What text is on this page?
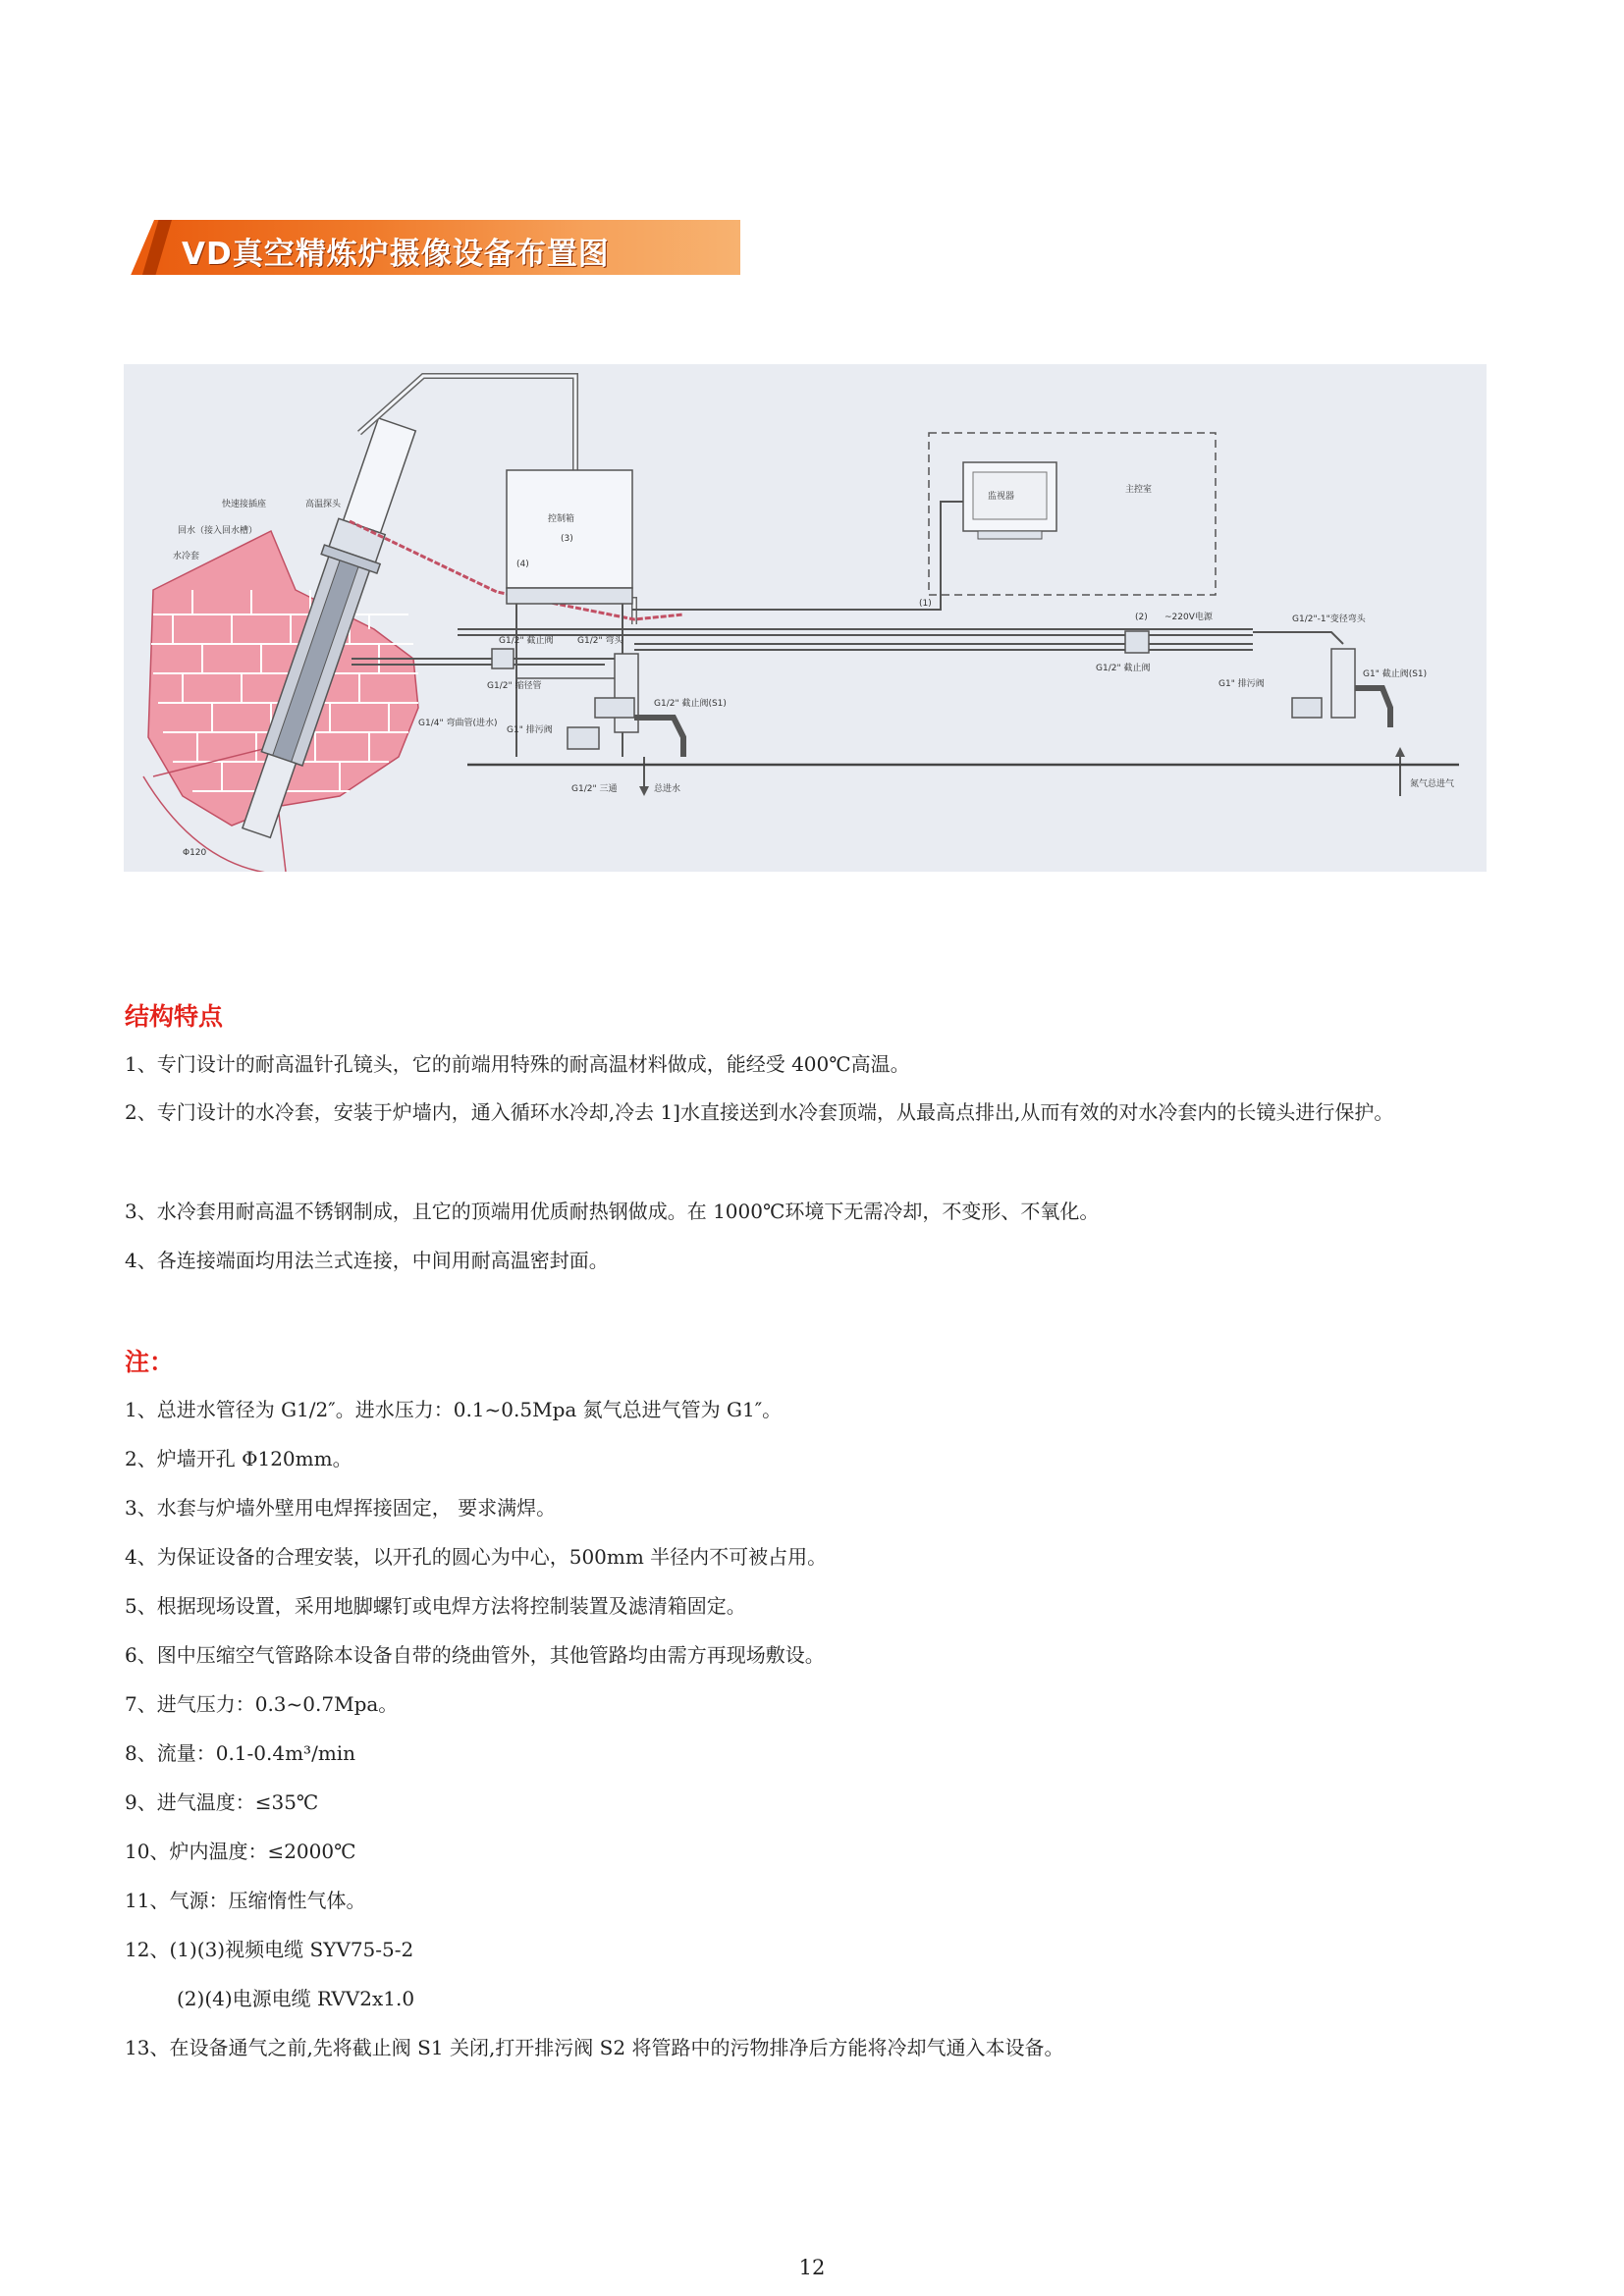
VD真空精炼炉摄像设备布置图
控制箱
主控室
监视器
(1)
(2) ~220V电源
快速接插座	高温探头
回水（接入回水槽）
水冷套
(3)
(4)
G1/2" 截止阀	G1/2" 弯头
G1/2" 缩径管
G1/2" 截止阀(S1)
G1" 排污阀
G1/2" 三通	总进水
G1/4" 弯曲管(进水)
G1/2" 截止阀
G1/2"-1"变径弯头
G1" 排污阀
G1" 截止阀(S1)
氮气总进气
Φ120
结构特点
1、专门设计的耐高温针孔镜头，它的前端用特殊的耐高温材料做成，能经受 400℃高温。
2、专门设计的水冷套，安装于炉墙内，通入循环水冷却,冷去 1]水直接送到水冷套顶端，从最高点排出,从而有效的对水冷套内的长镜头进行保护。
3、水冷套用耐高温不锈钢制成，且它的顶端用优质耐热钢做成。在 1000℃环境下无需冷却，不变形、不氧化。
4、各连接端面均用法兰式连接，中间用耐高温密封面。
注：
1、总进水管径为 G1/2″。进水压力：0.1~0.5Mpa 氮气总进气管为 G1″。
2、炉墙开孔 Φ120mm。
3、水套与炉墙外壁用电焊挥接固定， 要求满焊。
4、为保证设备的合理安装，以开孔的圆心为中心，500mm 半径内不可被占用。
5、根据现场设置，采用地脚螺钉或电焊方法将控制装置及滤清箱固定。
6、图中压缩空气管路除本设备自带的绕曲管外，其他管路均由需方再现场敷设。
7、进气压力：0.3~0.7Mpa。
8、流量：0.1-0.4m³/min
9、进气温度：≤35℃
10、炉内温度：≤2000℃
11、气源：压缩惰性气体。
12、(1)(3)视频电缆 SYV75-5-2
(2)(4)电源电缆 RVV2x1.0
13、在设备通气之前,先将截止阀 S1 关闭,打开排污阀 S2 将管路中的污物排净后方能将冷却气通入本设备。
12
